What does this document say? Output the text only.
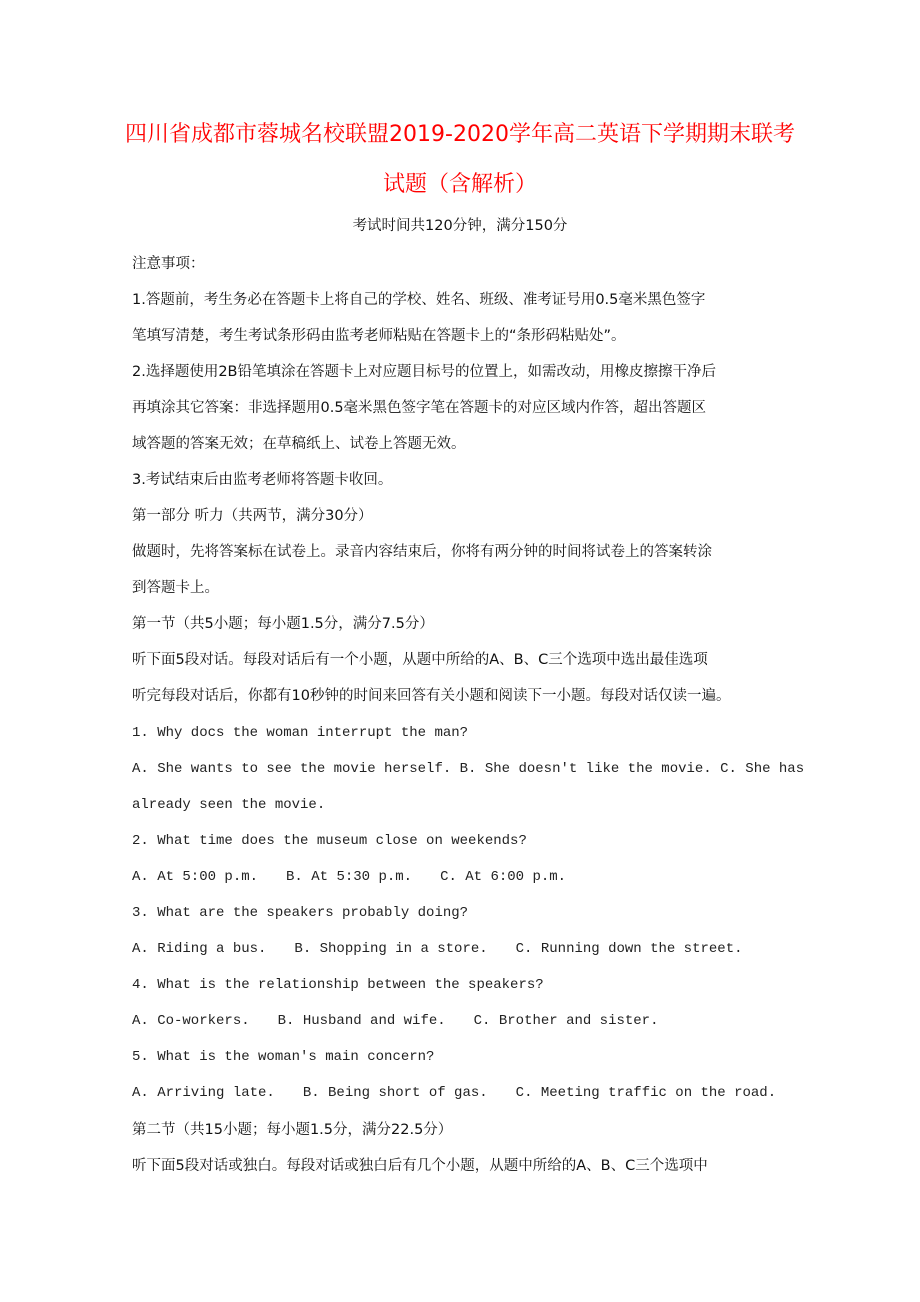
四川省成都市蓉城名校联盟2019-2020学年高二英语下学期期末联考
试题（含解析）
考试时间共120分钟，满分150分
注意事项：
1.答题前，考生务必在答题卡上将自己的学校、姓名、班级、准考证号用0.5毫米黑色签字
笔填写清楚，考生考试条形码由监考老师粘贴在答题卡上的“条形码粘贴处”。
2.选择题使用2B铅笔填涂在答题卡上对应题目标号的位置上，如需改动，用橡皮擦擦干净后
再填涂其它答案：非选择题用0.5毫米黑色签字笔在答题卡的对应区域内作答，超出答题区
域答题的答案无效；在草稿纸上、试卷上答题无效。
3.考试结束后由监考老师将答题卡收回。
第一部分 听力（共两节，满分30分）
做题时，先将答案标在试卷上。录音内容结束后，你将有两分钟的时间将试卷上的答案转涂
到答题卡上。
第一节（共5小题；每小题1.5分，满分7.5分）
听下面5段对话。每段对话后有一个小题，从题中所给的A、B、C三个选项中选出最佳选项
听完每段对话后，你都有10秒钟的时间来回答有关小题和阅读下一小题。每段对话仅读一遍。
1. Why docs the woman interrupt the man?
A. She wants to see the movie herself. B. She doesn't like the movie. C. She has
already seen the movie.
2. What time does the museum close on weekends?
A. At 5:00 p.m. B. At 5:30 p.m. C. At 6:00 p.m.
3. What are the speakers probably doing?
A. Riding a bus. B. Shopping in a store. C. Running down the street.
4. What is the relationship between the speakers?
A. Co-workers. B. Husband and wife. C. Brother and sister.
5. What is the woman's main concern?
A. Arriving late. B. Being short of gas. C. Meeting traffic on the road.
第二节（共15小题；每小题1.5分，满分22.5分）
听下面5段对话或独白。每段对话或独白后有几个小题，从题中所给的A、B、C三个选项中
